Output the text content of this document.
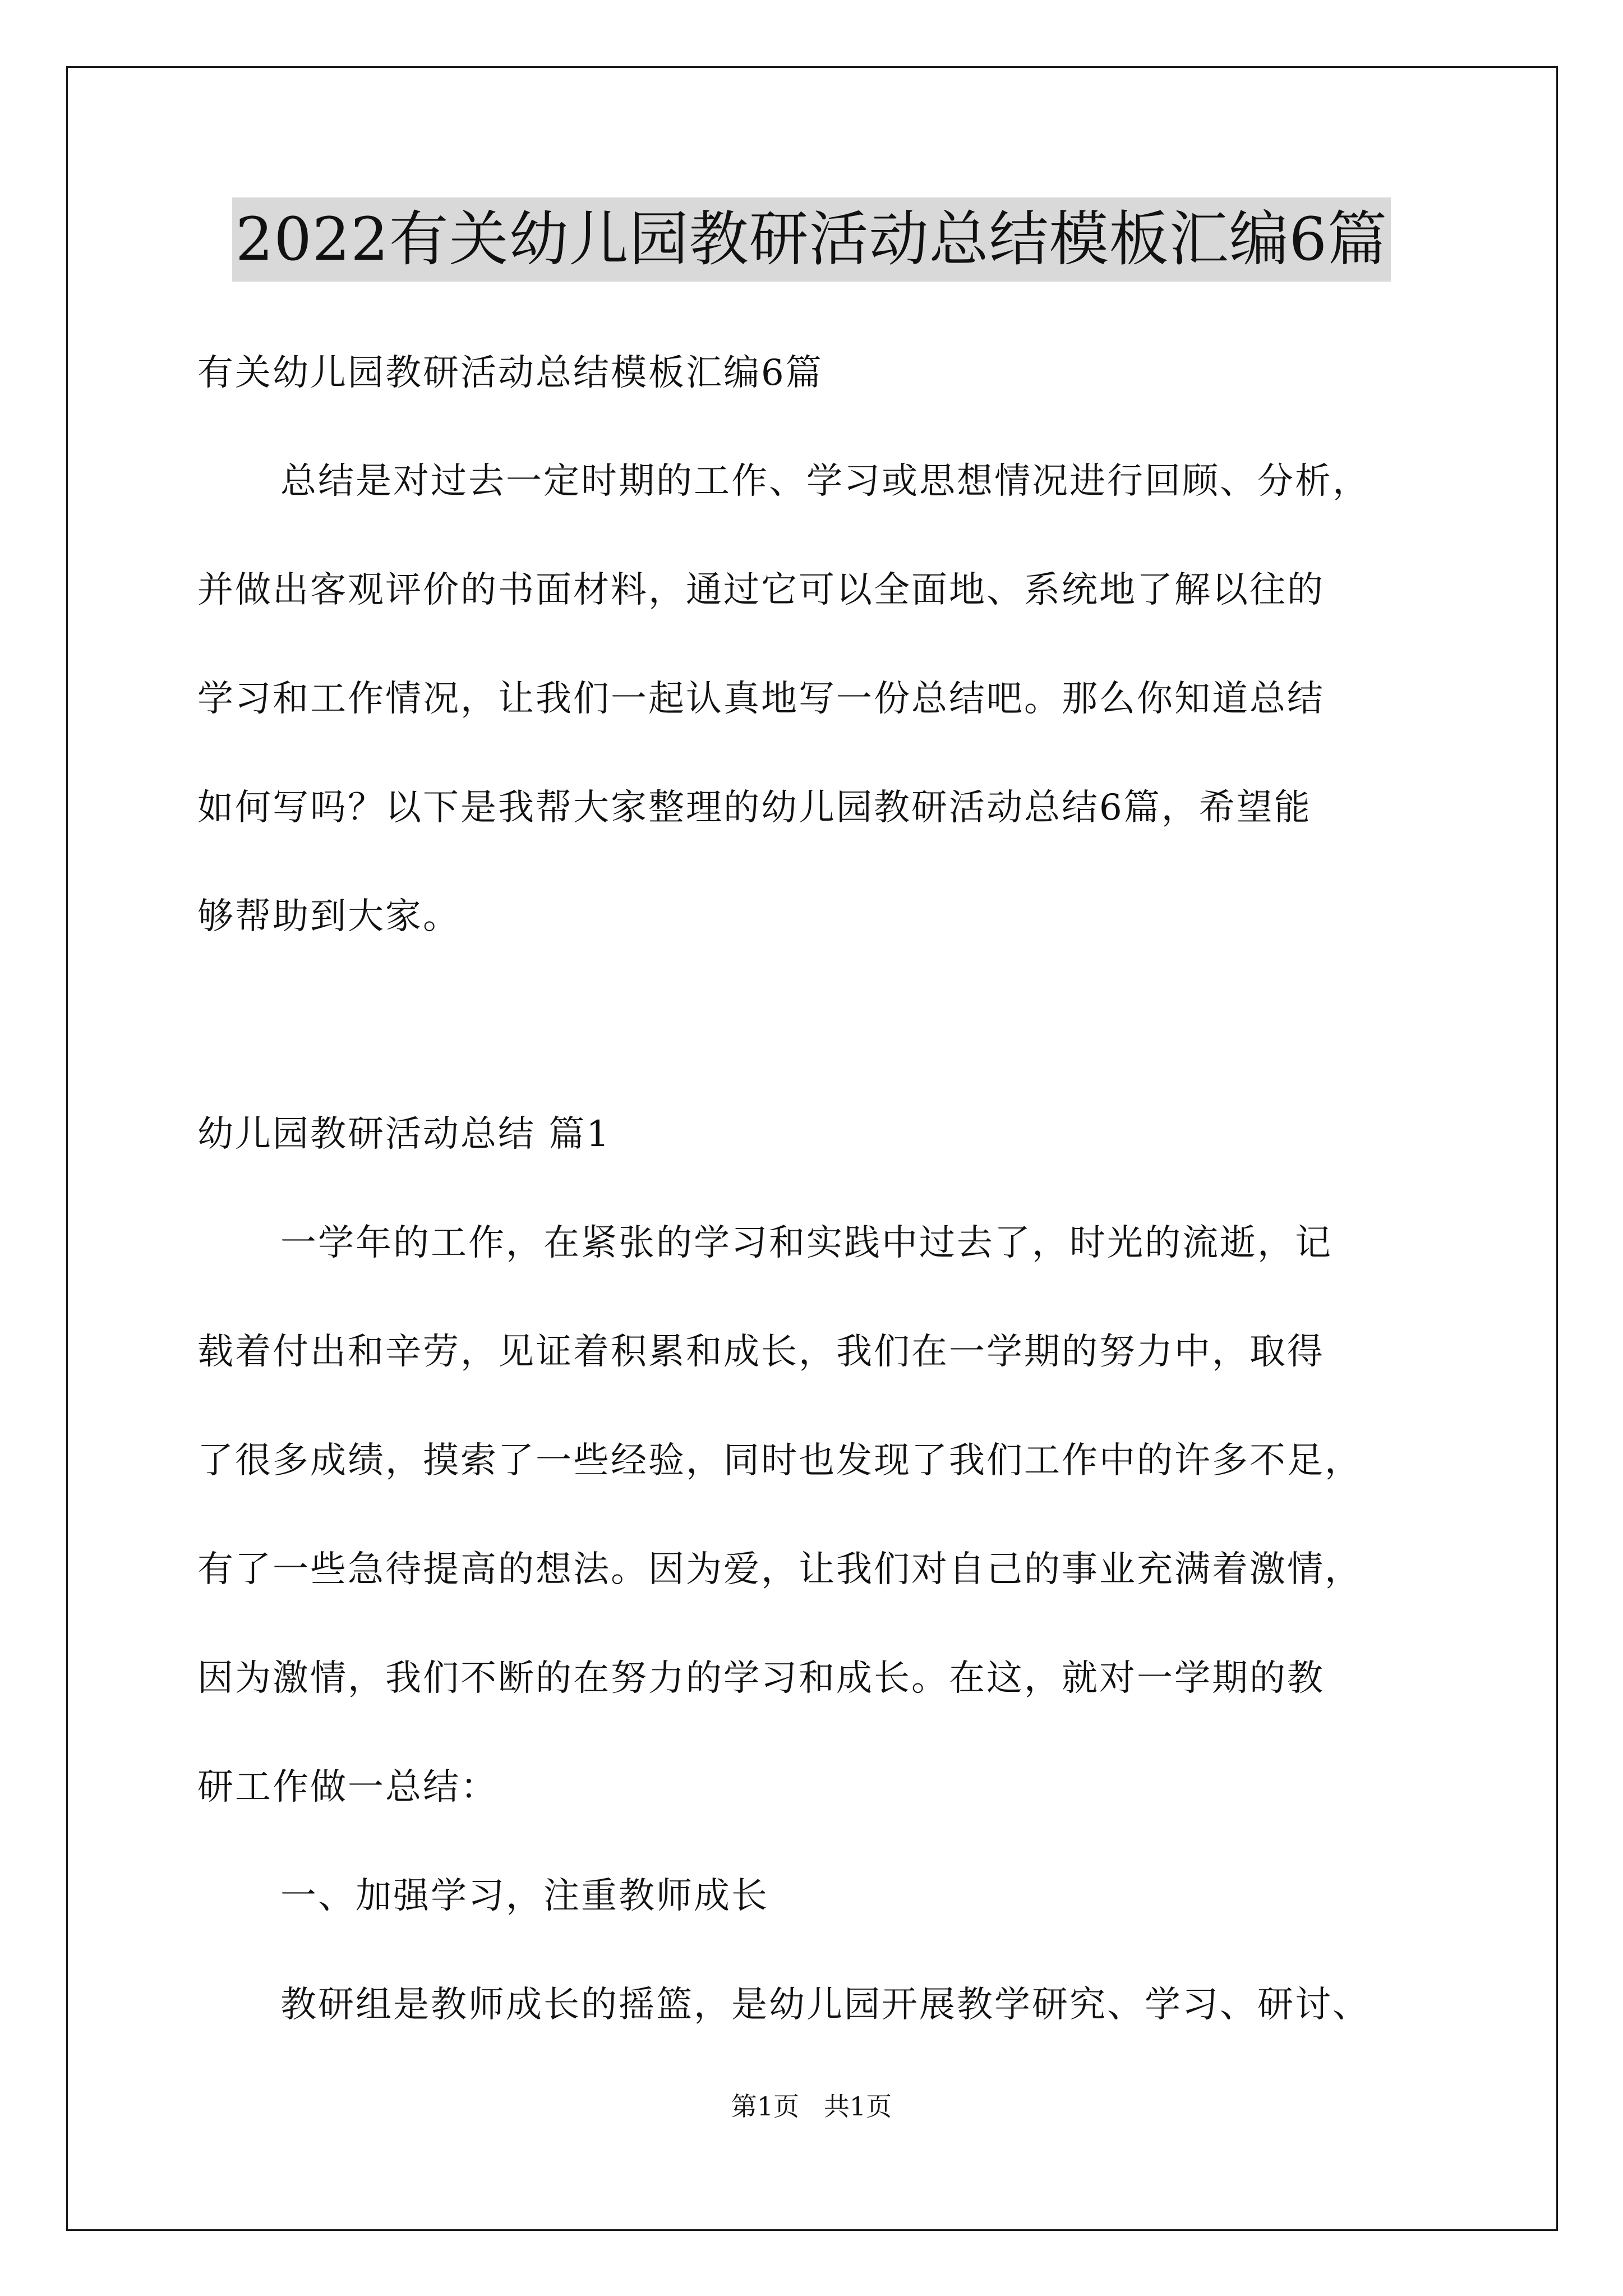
2022有关幼儿园教研活动总结模板汇编6篇
有关幼儿园教研活动总结模板汇编6篇
总结是对过去一定时期的工作、学习或思想情况进行回顾、分析，
并做出客观评价的书面材料，通过它可以全面地、系统地了解以往的
学习和工作情况，让我们一起认真地写一份总结吧。那么你知道总结
如何写吗？以下是我帮大家整理的幼儿园教研活动总结6篇，希望能
够帮助到大家。
幼儿园教研活动总结 篇1
一学年的工作，在紧张的学习和实践中过去了，时光的流逝，记
载着付出和辛劳，见证着积累和成长，我们在一学期的努力中，取得
了很多成绩，摸索了一些经验，同时也发现了我们工作中的许多不足，
有了一些急待提高的想法。因为爱，让我们对自己的事业充满着激情，
因为激情，我们不断的在努力的学习和成长。在这，就对一学期的教
研工作做一总结：
一、加强学习，注重教师成长
教研组是教师成长的摇篮，是幼儿园开展教学研究、学习、研讨、
第1页   共1页
